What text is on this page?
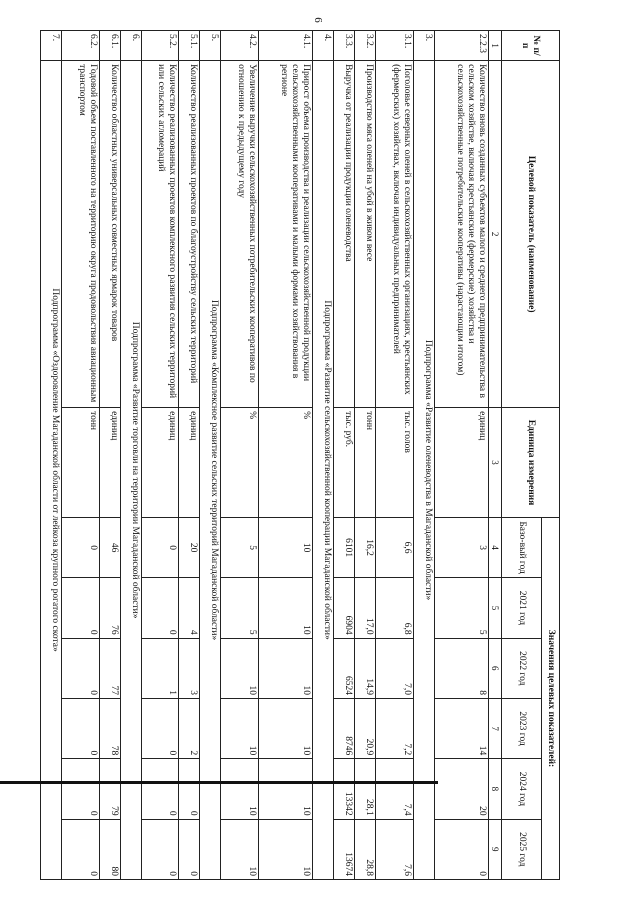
6
№ п/п	Целевой показатель (наименование)	Единица измерения	Значения целевых показателей:					
			Базо-вый год	2021 год	2022 год	2023 год	2024 год	2025 год
1	2	3	4	5	6	7	8	9
2.2.3	Количество вновь созданных субъектов малого и среднего предпринимательства в сельском хозяйстве, включая крестьянские (фермерские) хозяйства и сельскохозяйственные потребительские кооперативы (нарастающим итогом)	единиц	3	5	8	14	20	0
3.	Подпрограмма «Развитие оленеводства в Магаданской области»							
3.1.	Поголовье северных оленей в сельскохозяйственных организациях, крестьянских (фермерских) хозяйствах, включая индивидуальных предпринимателей	тыс. голов	6,6	6,8	7,0	7,2	7,4	7,6
3.2.	Производство мяса оленей на убой в живом весе	тонн	16,2	17,0	14,9	20,9	28,1	28,8
3.3.	Выручка от реализации продукции оленеводства	тыс. руб.	6101	6904	6524	8746	13342	13674
4.	Подпрограмма «Развитие сельскохозяйственной кооперации Магаданской области»							
4.1.	Прирост объема производства и реализации сельскохозяйственной продукции сельскохозяйственными кооперативами и малыми формами хозяйствования в регионе	%	10	10	10	10	10	10
4.2.	Увеличение выручки сельскохозяйственных потребительских кооперативов по отношению к предыдущему году	%	5	5	10	10	10	10
5.	Подпрограмма «Комплексное развитие сельских территорий Магаданской области»							
5.1.	Количество реализованных проектов по благоустройству сельских территорий	единиц	20	4	3	2	0	0
5.2.	Количество реализованных проектов комплексного развития сельских территорий или сельских агломераций	единиц	0	0	1	0	0	0
6.	Подпрограмма «Развитие торговли на территории Магаданской области»							
6.1.	Количество областных универсальных совместных ярмарок товаров	единиц	46	76	77	78	79	80
6.2.	Годовой объем поставленного на территорию округа продовольствия авиационным транспортом	тонн	0	0	0	0	0	0
7.	Подпрограмма «Оздоровление Магаданской области от лейкоза крупного рогатого скота»							
